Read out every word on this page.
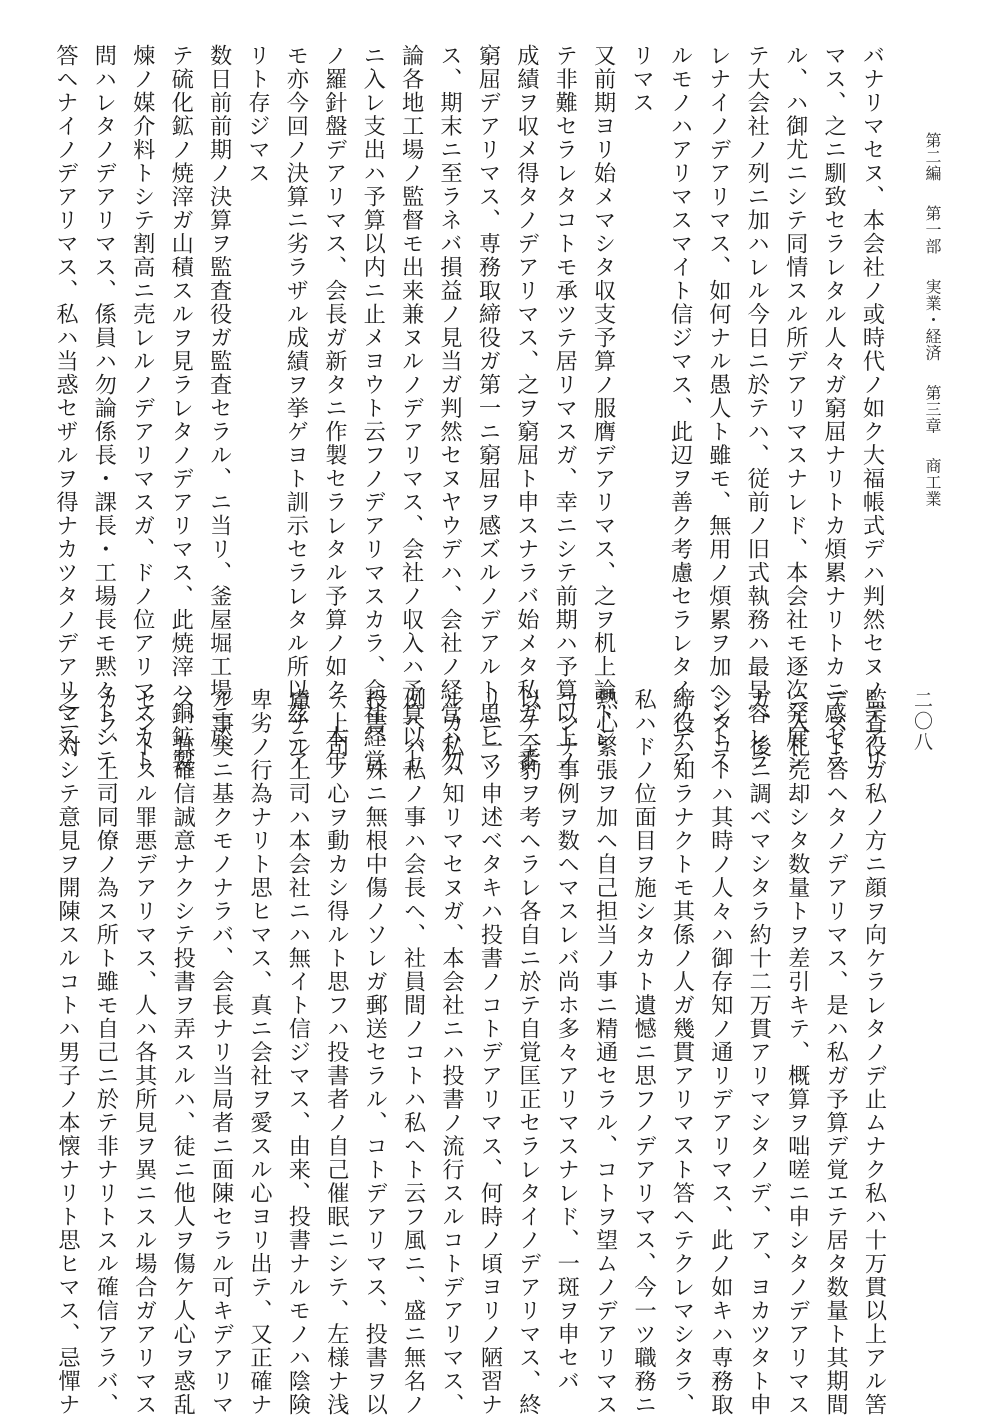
第二編 第一部 実業・経済 第三章 商工業
二〇八

バナリマセヌ、本会社ノ或時代ノ如ク大福帳式デハ判然セヌノデアリ

マス、之ニ馴致セラレタル人々ガ窮屈ナリトカ煩累ナリトカニ感ゼラ

ル、ハ御尤ニシテ同情スル所デアリマスナレド、本会社モ逐次発展シ

テ大会社ノ列ニ加ハレル今日ニ於テハ、従前ノ旧式執務ハ最早容レラ

レナイノデアリマス、如何ナル愚人ト雖モ、無用ノ煩累ヲ加ヘントス

ルモノハアリマスマイト信ジマス、此辺ヲ善ク考慮セラレタイノデア

リマス

又前期ヨリ始メマシタ収支予算ノ服膺デアリマス、之ヲ机上論トシ

テ非難セラレタコトモ承ツテ居リマスガ、幸ニシテ前期ハ予算以上ノ

成績ヲ収メ得タノデアリマス、之ヲ窮屈ト申スナラバ始メタ私ガ一番

窮屈デアリマス、専務取締役ガ第一ニ窮屈ヲ感ズルノデアルト思ヒマ

ス、期末ニ至ラネバ損益ノ見当ガ判然セヌヤウデハ、会社ノ経営ハ勿

論各地工場ノ監督モ出来兼ヌルノデアリマス、会社ノ収入ハ予算以上

ニ入レ支出ハ予算以内ニ止メヨウト云フノデアリマスカラ、会社経営

ノ羅針盤デアリマス、会長ガ新タニ作製セラレタル予算ノ如ク、本年

モ亦今回ノ決算ニ劣ラザル成績ヲ挙ゲヨト訓示セラレタル所以茲ニア

リト存ジマス

数日前前期ノ決算ヲ監査役ガ監査セラル、ニ当リ、釜屋堀工場ニ於

テ硫化鉱ノ焼滓ガ山積スルヲ見ラレタノデアリマス、此焼滓ハ銅鉱製

煉ノ媒介料トシテ割高ニ売レルノデアリマスガ、ドノ位アリマスカト

問ハレタノデアリマス、係員ハ勿論係長・課長・工場長モ黙々トシテ

答ヘナイノデアリマス、私ハ当惑セザルヲ得ナカツタノデアリマス、

監査役ガ私ノ方ニ顔ヲ向ケラレタノデ止ムナク私ハ十万貫以上アル筈

デスト答ヘタノデアリマス、是ハ私ガ予算デ覚エテ居タ数量ト其期間

ニ入札売却シタ数量トヲ差引キテ、概算ヲ咄嗟ニ申シタノデアリマス

ガ、後ニ調ベマシタラ約十二万貫アリマシタノデ、ア、ヨカツタト申

シタコトハ其時ノ人々ハ御存知ノ通リデアリマス、此ノ如キハ専務取

締役ハ知ラナクトモ其係ノ人ガ幾貫アリマスト答ヘテクレマシタラ、

私ハドノ位面目ヲ施シタカト遺憾ニ思フノデアリマス、今一ツ職務ニ

熱心緊張ヲ加ヘ自己担当ノ事ニ精通セラル、コトヲ望ムノデアリマス

コンナ事例ヲ数ヘマスレバ尚ホ多々アリマスナレド、一斑ヲ申セバ

以テ全豹ヲ考ヘラレ各自ニ於テ自覚匡正セラレタイノデアリマス、終

リニ一ツ申述ベタキハ投書ノコトデアリマス、何時ノ頃ヨリノ陋習ナ

ルカ私ハ知リマセヌガ、本会社ニハ投書ノ流行スルコトデアリマス、

例ヘバ私ノ事ハ会長ヘ、社員間ノコトハ私ヘト云フ風ニ、盛ニ無名ノ

投書、殊ニ無根中傷ノソレガ郵送セラル、コトデアリマス、投書ヲ以

テ上司ノ心ヲ動カシ得ルト思フハ投書者ノ自己催眠ニシテ、左様ナ浅

慮ナル上司ハ本会社ニハ無イト信ジマス、由来、投書ナルモノハ陰険

卑劣ノ行為ナリト思ヒマス、真ニ会社ヲ愛スル心ヨリ出テ、又正確ナ

ル事実ニ基クモノナラバ、会長ナリ当局者ニ面陳セラル可キデアリマ

ス、其確信誠意ナクシテ投書ヲ弄スルハ、徒ニ他人ヲ傷ケ人心ヲ惑乱

セントスル罪悪デアリマス、人ハ各其所見ヲ異ニスル場合ガアリマス

カラ、上司同僚ノ為ス所ト雖モ自己ニ於テ非ナリトスル確信アラバ、

之ニ対シテ意見ヲ開陳スルコトハ男子ノ本懐ナリト思ヒマス、忌憚ナ
